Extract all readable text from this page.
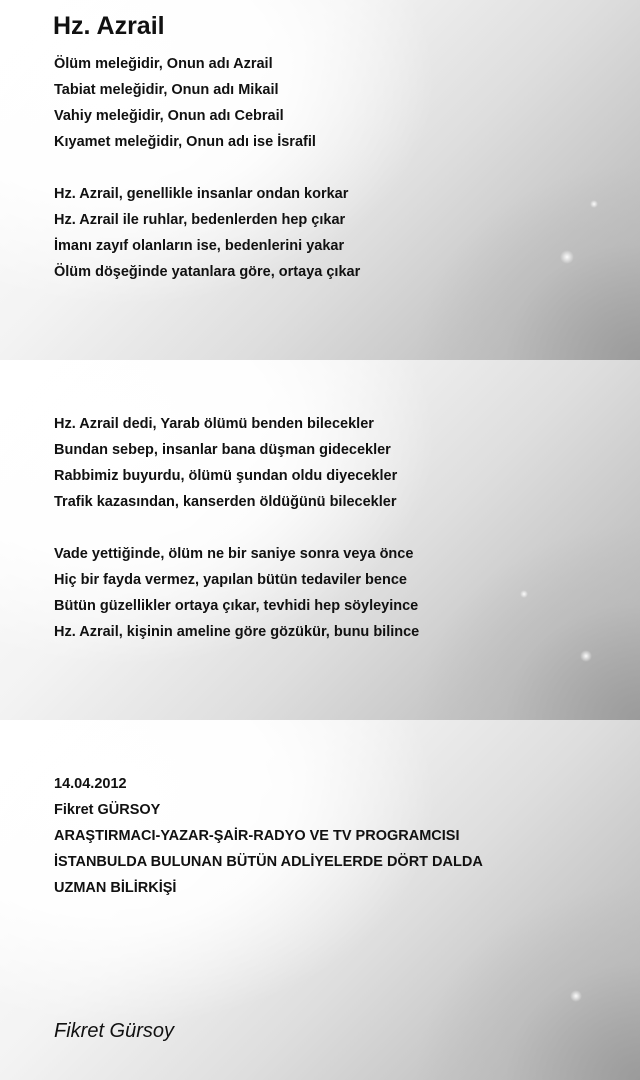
Hz. Azrail
Ölüm meleğidir, Onun adı Azrail
Tabiat meleğidir, Onun adı Mikail
Vahiy meleğidir, Onun adı Cebrail
Kıyamet meleğidir, Onun adı ise İsrafil
Hz. Azrail, genellikle insanlar ondan korkar
Hz. Azrail ile ruhlar, bedenlerden hep çıkar
İmanı zayıf olanların ise, bedenlerini yakar
Ölüm döşeğinde yatanlara göre, ortaya çıkar
Hz. Azrail dedi, Yarab ölümü benden bilecekler
Bundan sebep, insanlar bana düşman gidecekler
Rabbimiz buyurdu, ölümü şundan oldu diyecekler
Trafik kazasından, kanserden öldüğünü bilecekler
Vade yettiğinde, ölüm ne bir saniye sonra veya önce
Hiç bir fayda vermez, yapılan bütün tedaviler bence
Bütün güzellikler ortaya çıkar, tevhidi hep söyleyince
Hz. Azrail, kişinin ameline göre gözükür, bunu bilince
14.04.2012
Fikret GÜRSOY
ARAŞTIRMACI-YAZAR-ŞAİR-RADYO VE TV PROGRAMCISI
İSTANBULDA BULUNAN BÜTÜN ADLİYELERDE DÖRT DALDA
UZMAN BİLİRKİŞİ
Fikret Gürsoy
